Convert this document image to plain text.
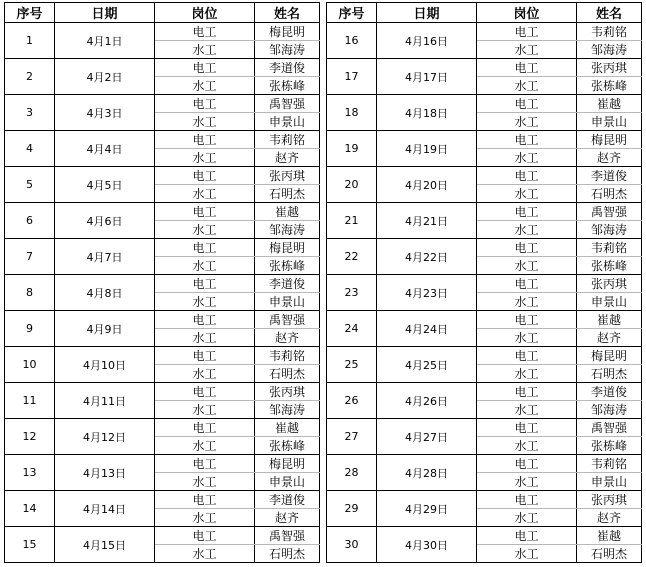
序号	日期	岗位	姓名
1	4月1日	电工	梅昆明
		水工	邹海涛
2	4月2日	电工	李道俊
		水工	张栋峰
3	4月3日	电工	禹智强
		水工	申景山
4	4月4日	电工	韦莉铭
		水工	赵齐
5	4月5日	电工	张丙琪
		水工	石明杰
6	4月6日	电工	崔越
		水工	邹海涛
7	4月7日	电工	梅昆明
		水工	张栋峰
8	4月8日	电工	李道俊
		水工	申景山
9	4月9日	电工	禹智强
		水工	赵齐
10	4月10日	电工	韦莉铭
		水工	石明杰
11	4月11日	电工	张丙琪
		水工	邹海涛
12	4月12日	电工	崔越
		水工	张栋峰
13	4月13日	电工	梅昆明
		水工	申景山
14	4月14日	电工	李道俊
		水工	赵齐
15	4月15日	电工	禹智强
		水工	石明杰
序号	日期	岗位	姓名
16	4月16日	电工	韦莉铭
		水工	邹海涛
17	4月17日	电工	张丙琪
		水工	张栋峰
18	4月18日	电工	崔越
		水工	申景山
19	4月19日	电工	梅昆明
		水工	赵齐
20	4月20日	电工	李道俊
		水工	石明杰
21	4月21日	电工	禹智强
		水工	邹海涛
22	4月22日	电工	韦莉铭
		水工	张栋峰
23	4月23日	电工	张丙琪
		水工	申景山
24	4月24日	电工	崔越
		水工	赵齐
25	4月25日	电工	梅昆明
		水工	石明杰
26	4月26日	电工	李道俊
		水工	邹海涛
27	4月27日	电工	禹智强
		水工	张栋峰
28	4月28日	电工	韦莉铭
		水工	申景山
29	4月29日	电工	张丙琪
		水工	赵齐
30	4月30日	电工	崔越
		水工	石明杰
